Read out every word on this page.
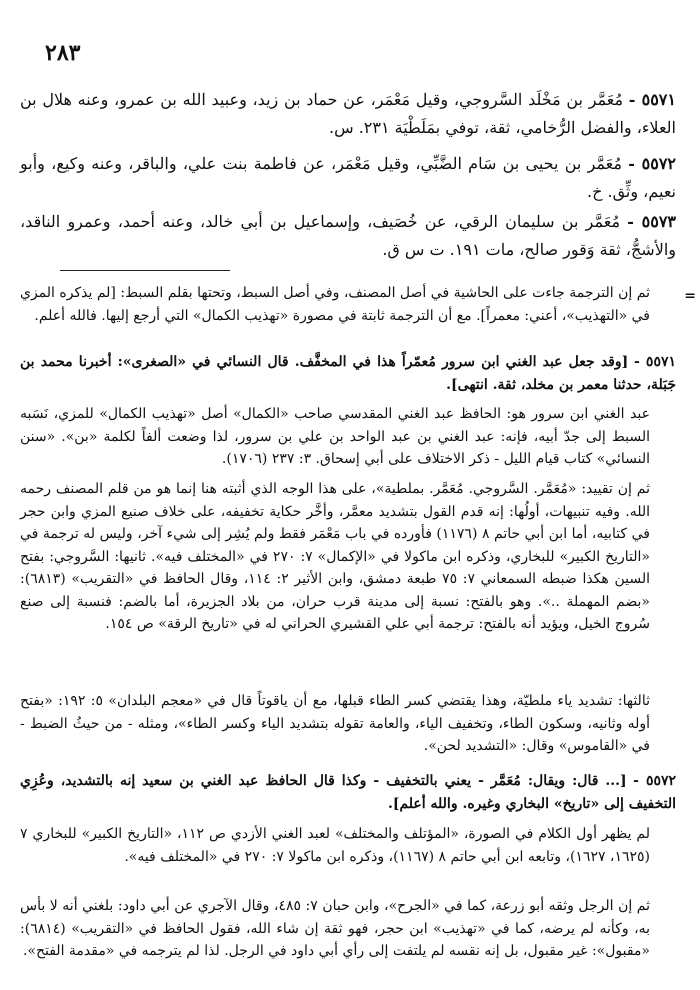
٢٨٣
٥٥٧١ - مُعَمَّر بن مَخْلَد السَّروجي، وقيل مَعْمَر، عن حماد بن زيد، وعبيد الله بن عمرو، وعنه هلال بن العلاء، والفضل الرُّخامي، ثقة، توفي بمَلَطْيَة ٢٣١. س.
٥٥٧٢ - مُعَمَّر بن يحيى بن سَام الضَّبِّي، وقيل مَعْمَر، عن فاطمة بنت علي، والباقر، وعنه وكيع، وأبو نعيم، وثِّق. خ.
٥٥٧٣ - مُعَمَّر بن سليمان الرقي، عن خُصَيف، وإسماعيل بن أبي خالد، وعنه أحمد، وعمرو الناقد، والأشجُّ، ثقة وَقور صالح، مات ١٩١. ت س ق.
=
ثم إن الترجمة جاءت على الحاشية في أصل المصنف، وفي أصل السبط، وتحتها بقلم السبط: [لم يذكره المزي في «التهذيب»، أعني: معمراً]. مع أن الترجمة ثابتة في مصورة «تهذيب الكمال» التي أرجع إليها. فالله أعلم.
٥٥٧١ - [وقد جعل عبد الغني ابن سرور مُعمّراً هذا في المخفَّف. قال النسائي في «الصغرى»: أخبرنا محمد بن جَبَلة، حدثنا معمر بن مخلد، ثقة. انتهى].
عبد الغني ابن سرور هو: الحافظ عبد الغني المقدسي صاحب «الكمال» أصل «تهذيب الكمال» للمزي، نَسَبه السبط إلى جدّ أبيه، فإنه: عبد الغني بن عبد الواحد بن علي بن سرور، لذا وضعت ألفاً لكلمة «بن». «سنن النسائي» كتاب قيام الليل - ذكر الاختلاف على أبي إسحاق. ٣: ٢٣٧ (١٧٠٦).
ثم إن تقييد: «مُعَمَّر. السَّروجي. مُعَمَّر. بملطية»، على هذا الوجه الذي أثبته هنا إنما هو من قلم المصنف رحمه الله. وفيه تنبيهات، أولُها: إنه قدم القول بتشديد معمَّر، وأخَّر حكاية تخفيفه، على خلاف صنيع المزي وابن حجر في كتابيه، أما ابن أبي حاتم ٨ (١١٧٦) فأورده في باب مَعْمَر فقط ولم يُشِر إلى شيء آخر، وليس له ترجمة في «التاريخ الكبير» للبخاري، وذكره ابن ماكولا في «الإكمال» ٧: ٢٧٠ في «المختلف فيه». ثانيها: السَّروجي: بفتح السين هكذا ضبطه السمعاني ٧: ٧٥ طبعة دمشق، وابن الأثير ٢: ١١٤، وقال الحافظ في «التقريب» (٦٨١٣): «بضم المهملة ..». وهو بالفتح: نسبة إلى مدينة قرب حران، من بلاد الجزيرة، أما بالضم: فنسبة إلى صنع سُروج الخيل، ويؤيد أنه بالفتح: ترجمة أبي علي القشيري الحراني له في «تاريخ الرقة» ص ١٥٤.
ثالثها: تشديد ياء ملطيّة، وهذا يقتضي كسر الطاء قبلها، مع أن ياقوتاً قال في «معجم البلدان» ٥: ١٩٢: «بفتح أوله وثانيه، وسكون الطاء، وتخفيف الياء، والعامة تقوله بتشديد الياء وكسر الطاء»، ومثله - من حيثُ الضبط - في «القاموس» وقال: «التشديد لحن».
٥٥٧٢ - [... قال: ويقال: مُعَمَّر - يعني بالتخفيف - وكذا قال الحافظ عبد الغني بن سعيد إنه بالتشديد، وعُزِي التخفيف إلى «تاريخ» البخاري وغيره. والله أعلم].
لم يظهر أول الكلام في الصورة، «المؤتلف والمختلف» لعبد الغني الأزدي ص ١١٢، «التاريخ الكبير» للبخاري ٧ (١٦٢٥، ١٦٢٧)، وتابعه ابن أبي حاتم ٨ (١١٦٧)، وذكره ابن ماكولا ٧: ٢٧٠ في «المختلف فيه».
ثم إن الرجل وثقه أبو زرعة، كما في «الجرح»، وابن حبان ٧: ٤٨٥، وقال الآجري عن أبي داود: بلغني أنه لا بأس به، وكأنه لم يرضه، كما في «تهذيب» ابن حجر، فهو ثقة إن شاء الله، فقول الحافظ في «التقريب» (٦٨١٤): «مقبول»: غير مقبول، بل إنه نقسه لم يلتفت إلى رأي أبي داود في الرجل. لذا لم يترجمه في «مقدمة الفتح».
